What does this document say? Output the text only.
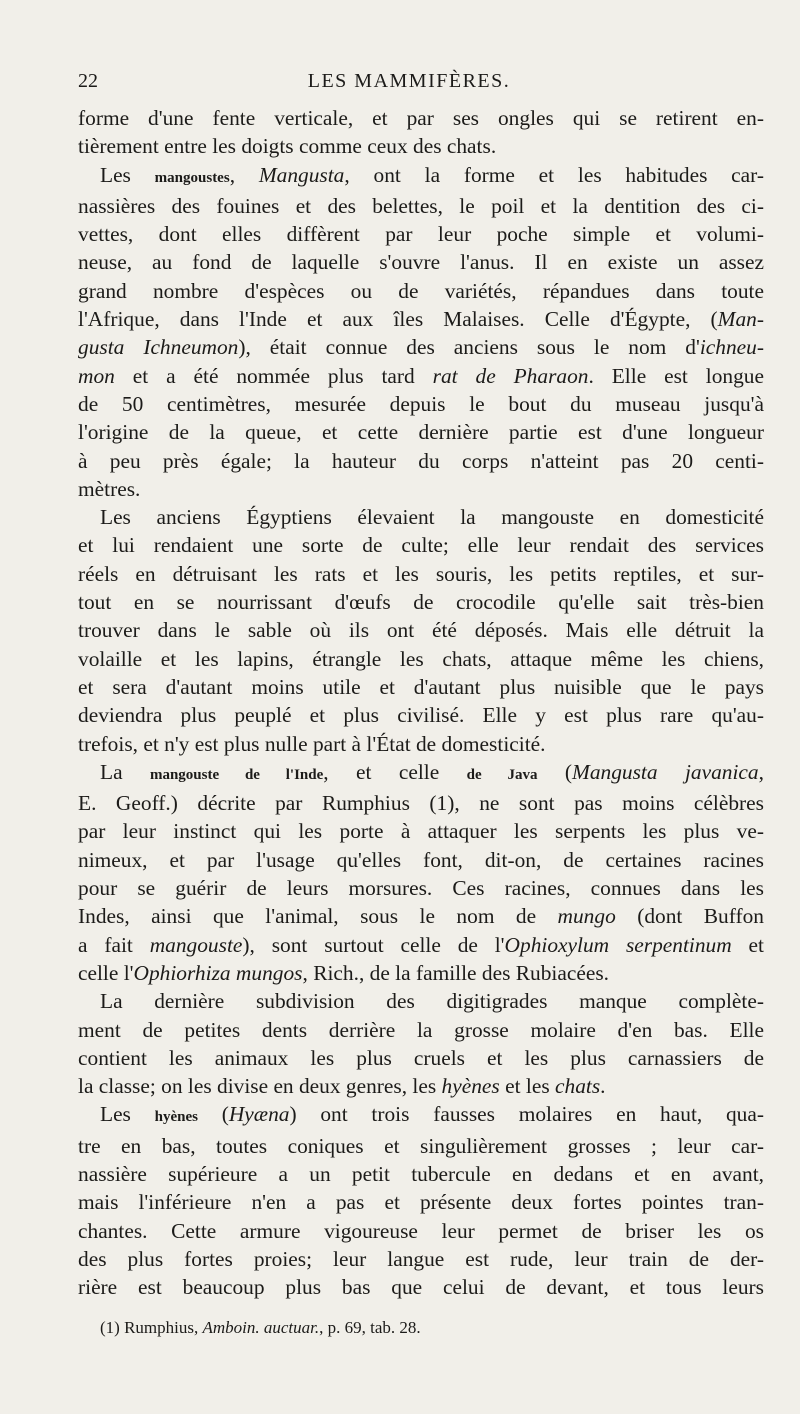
22	LES MAMMIFÈRES.
forme d'une fente verticale, et par ses ongles qui se retirent en-
tièrement entre les doigts comme ceux des chats.
Les mangoustes, Mangusta, ont la forme et les habitudes car-
nassières des fouines et des belettes, le poil et la dentition des ci-
vettes, dont elles diffèrent par leur poche simple et volumi-
neuse, au fond de laquelle s'ouvre l'anus. Il en existe un assez
grand nombre d'espèces ou de variétés, répandues dans toute
l'Afrique, dans l'Inde et aux îles Malaises. Celle d'Égypte, (Man-
gusta Ichneumon), était connue des anciens sous le nom d'ichneu-
mon et a été nommée plus tard rat de Pharaon. Elle est longue
de 50 centimètres, mesurée depuis le bout du museau jusqu'à
l'origine de la queue, et cette dernière partie est d'une longueur
à peu près égale; la hauteur du corps n'atteint pas 20 centi-
mètres.
Les anciens Égyptiens élevaient la mangouste en domesticité
et lui rendaient une sorte de culte; elle leur rendait des services
réels en détruisant les rats et les souris, les petits reptiles, et sur-
tout en se nourrissant d'œufs de crocodile qu'elle sait très-bien
trouver dans le sable où ils ont été déposés. Mais elle détruit la
volaille et les lapins, étrangle les chats, attaque même les chiens,
et sera d'autant moins utile et d'autant plus nuisible que le pays
deviendra plus peuplé et plus civilisé. Elle y est plus rare qu'au-
trefois, et n'y est plus nulle part à l'État de domesticité.
La mangouste de l'Inde, et celle de Java (Mangusta javanica,
E. Geoff.) décrite par Rumphius (1), ne sont pas moins célèbres
par leur instinct qui les porte à attaquer les serpents les plus ve-
nimeux, et par l'usage qu'elles font, dit-on, de certaines racines
pour se guérir de leurs morsures. Ces racines, connues dans les
Indes, ainsi que l'animal, sous le nom de mungo (dont Buffon
a fait mangouste), sont surtout celle de l'Ophioxylum serpentinum et
celle l'Ophiorhiza mungos, Rich., de la famille des Rubiacées.
La dernière subdivision des digitigrades manque complète-
ment de petites dents derrière la grosse molaire d'en bas. Elle
contient les animaux les plus cruels et les plus carnassiers de
la classe; on les divise en deux genres, les hyènes et les chats.
Les hyènes (Hyæna) ont trois fausses molaires en haut, qua-
tre en bas, toutes coniques et singulièrement grosses ; leur car-
nassière supérieure a un petit tubercule en dedans et en avant,
mais l'inférieure n'en a pas et présente deux fortes pointes tran-
chantes. Cette armure vigoureuse leur permet de briser les os
des plus fortes proies; leur langue est rude, leur train de der-
rière est beaucoup plus bas que celui de devant, et tous leurs
(1) Rumphius, Amboin. auctuar., p. 69, tab. 28.
